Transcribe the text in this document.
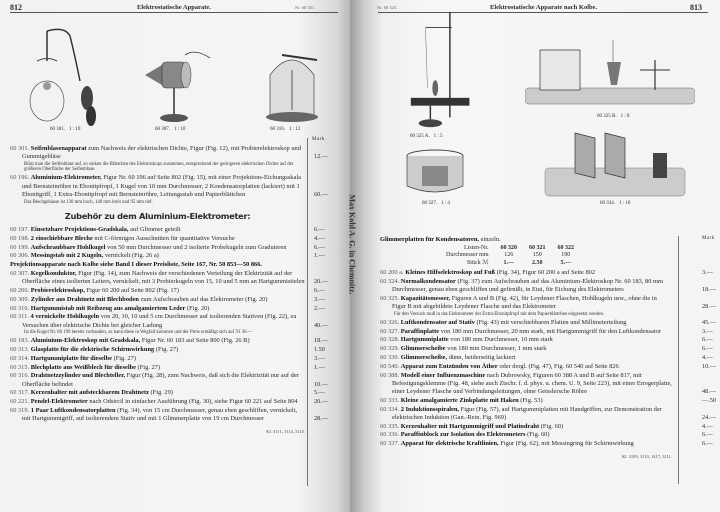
812	Elektrostatische Apparate.	Nr. 60 301.
60 301. 1 : 10	60 307. 1 : 10	60 316. 1 : 12
Mark
60 301. Seifenblasenapparat zum Nachweis der elektrischen Dichte, Figur (Fig. 12), mit Probierelektroskop und Gummigebläse	12.—
Bläst man die Seifenblase auf, so sinken die Blättchen des Elektroskops zusammen, entsprechend der geringeren elektrischen Dichte auf der größeren Oberfläche der Seifenblase.
60 196. Aluminium-Elektrometer, Figur Nr. 60 196 auf Seite 802 (Fig. 15), mit einer Projektions-Eichungsskala und Bernsteinröhre in Ebonitpfropf, 1 Kugel von 10 mm Durchmesser, 2 Kondensatorplatten (lackiert) mit 1 Ebonitgriff, 1 Extra-Ebonitpfropf mit Bernsteinröhre, Leitungsstab und Papierblättchen	60.—
Das Blechgehäuse ist 130 mm hoch, 140 mm breit und 95 mm tief.
Zubehör zu dem Aluminium-Elektrometer:
60 197. Einsetzbare Projektions-Gradskala, auf Glimmer geteilt	6.—
60 198. 2 einschiebbare Bleche mit C-förmigen Ausschnitten für quantitative Versuche	4.—
60 199. Aufschraubbare Hohlkugel von 50 mm Durchmesser und 2 isolierte Probekugeln zum Graduieren	6.—
60 306. Messingstab mit 2 Kugeln, vernickelt (Fig. 26 a)	1.—
Projektionsapparate nach Kolbe siehe Band I dieser Preisliste, Seite 167, Nr. 50 853—50 866.
60 307. Kegelkonduktor, Figur (Fig. 14), zum Nachweis der verschiedenen Verteilung der Elektrizität auf der Oberfläche eines isolierten Leiters, vernickelt, mit 3 Probierkugeln von 15, 10 und 5 mm an Hartgummistielen 20.—
60 200. Probierelektroskop, Figur 60 200 auf Seite 802 (Fig. 17)	6.—
60 309. Zylinder aus Drahtnetz mit Blechboden zum Aufschrauben auf das Elektrometer (Fig. 20)	3.—
60 310. Hartgummistab mit Reibzeug aus amalgamiertem Leder (Fig. 20)	2.—
60 311. 4 vernickelte Hohlkugeln von 20, 10, 10 und 5 cm Durchmesser auf isolierenden Stativen (Fig. 22), zu Versuchen über elektrische Dichte bei gleicher Ladung	40.—
Ist die Kugel Nr. 60 199 bereits vorhanden, so kann diese in Wegfall kommen und der Preis ermäßigt sich auf ℳ 36.—
60 183. Aluminium-Elektroskop mit Gradskala, Figur Nr. 60 183 auf Seite 800 (Fig. 26 B)	18.—
60 313. Glasplatte für die elektrische Schirmwirkung (Fig. 27)	1.50
60 314. Hartgummiplatte für dieselbe (Fig. 27)	3.—
60 315. Blechplatte aus Weißblech für dieselbe (Fig. 27)	1.—
60 316. Drahtnetzzylinder und Blechteller, Figur (Fig. 28), zum Nachweis, daß sich die Elektrizität nur auf der Oberfläche befindet	10.—
60 317. Kerzenhalter mit aufsteckbarem Drahtnetz (Fig. 29)	5.—
60 221. Pendel-Elektrometer nach Odstrcil in einfacher Ausführung (Fig. 30), siehe Figur 60 221 auf Seite 804	20.—
60 319. 1 Paar Luftkondensatorplatten (Fig. 34), von 15 cm Durchmesser, genau eben geschliffen, vernickelt, mit Hartgummigriff, auf isolierendem Stativ und mit 1 Glimmerplatte von 19 cm Durchmesser	28.—
Kl. 3111, 3114, 3115.
Nr. 60 325.	Elektrostatische Apparate nach Kolbe.	813
60 325 A. 1 : 5
60 325 B. 1 : 8
60 327. 1 : 4	60 334. 1 : 10
Mark
Glimmerplatten für Kondensatoren, einzeln.
Listen-Nr.	60 320	60 321	60 322
Durchmesser mm	126	150	190
Stück ℳ	1.—	2.50	5.—
60 200 a. Kleines Hilfselektroskop auf Fuß (Fig. 34), Figur 60 200 a auf Seite 802	3.—
60 324. Normalkondensator (Fig. 37) zum Aufschrauben auf das Aluminium-Elektroskop Nr. 60 183, 80 mm Durchmesser, genau eben geschliffen und gefirnißt, in Etui, für Eichung des Elektrometers	18.—
60 325. Kapazitätsmesser, Figuren A und B (Fig. 42), für Leydener Flaschen, Hohlkugeln usw., ohne die in Figur B mit abgebildete Leydener Flasche und das Elektrometer	28.—
Für den Versuch muß in das Elektrometer der Extra-Ebonitpfropf mit dem Papierblättchen eingesetzt werden.
60 326. Luftkondensator auf Stativ (Fig. 43) mit verschiebbaren Platten und Millimeterteilung	45.—
60 327. Paraffinplatte von 180 mm Durchmesser, 20 mm stark, mit Hartgummigriff für den Luftkondensator	3.—
60 328. Hartgummiplatte von 180 mm Durchmesser, 10 mm stark	6.—
60 329. Glimmerscheibe von 180 mm Durchmesser, 1 mm stark	6.—
60 330. Glimmerscheibe, dünn, beiderseitig lackiert	4.—
60 540. Apparat zum Entzünden von Äther oder dergl. (Fig. 47), Fig. 60 540 auf Seite 826	10.—
60 388. Modell einer Influenzmaschine nach Dubrowsky, Figuren 60 388 A und B auf Seite 817, mit Befestigungsklemme (Fig. 48, siehe auch Ztschr. f. d. phys. u. chem. U. 9, Seite 223), mit einer Erregerplatte, einer Leydener Flasche und Verbindungsleitungen, ohne Geisslersche Röhre	48.—
60 333. Kleine amalgamierte Zinkplatte mit Haken (Fig. 53)	—.50
60 334. 2 Induktionsspiralen, Figur (Fig. 57), auf Hartgummiplatten mit Handgriffen, zur Demonstration der elektrischen Induktion (Gan.-Rein. Fig. 969)	24.—
60 335. Kerzenhalter mit Hartgummigriff und Platindraht (Fig. 60)	4.—
60 336. Paraffinblock zur Isolation des Elektrometers (Fig. 60)	6.—
60 337. Apparat für elektrische Kraftlinien, Figur (Fig. 62), mit Messingring für Schirmwirkung	6.—
Kl. 3109, 3110, 1417, 3111.
Max Kohl A. G. in Chemnitz.
